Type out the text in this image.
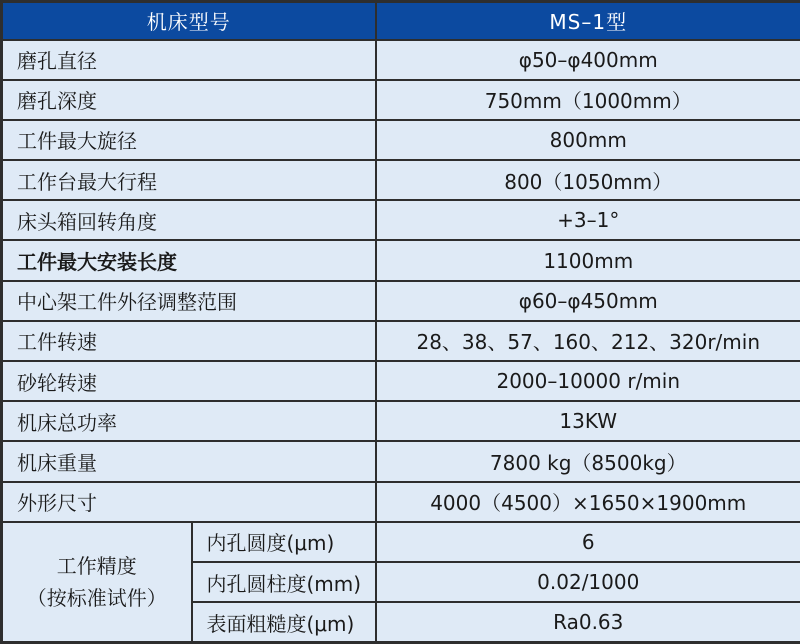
机床型号		MS–1型
磨孔直径		φ50–φ400mm
磨孔深度		750mm（1000mm）
工件最大旋径		800mm
工作台最大行程		800（1050mm）
床头箱回转角度		+3–1°
工件最大安装长度		1100mm
中心架工件外径调整范围		φ60–φ450mm
工件转速		28、38、57、160、212、320r/min
砂轮转速		2000–10000 r/min
机床总功率		13KW
机床重量		7800 kg（8500kg）
外形尺寸		4000（4500）×1650×1900mm

工作精度
（按标准试件）	内孔圆度(μm)	6
	内孔圆柱度(mm)	0.02/1000
	表面粗糙度(μm)	Ra0.63
